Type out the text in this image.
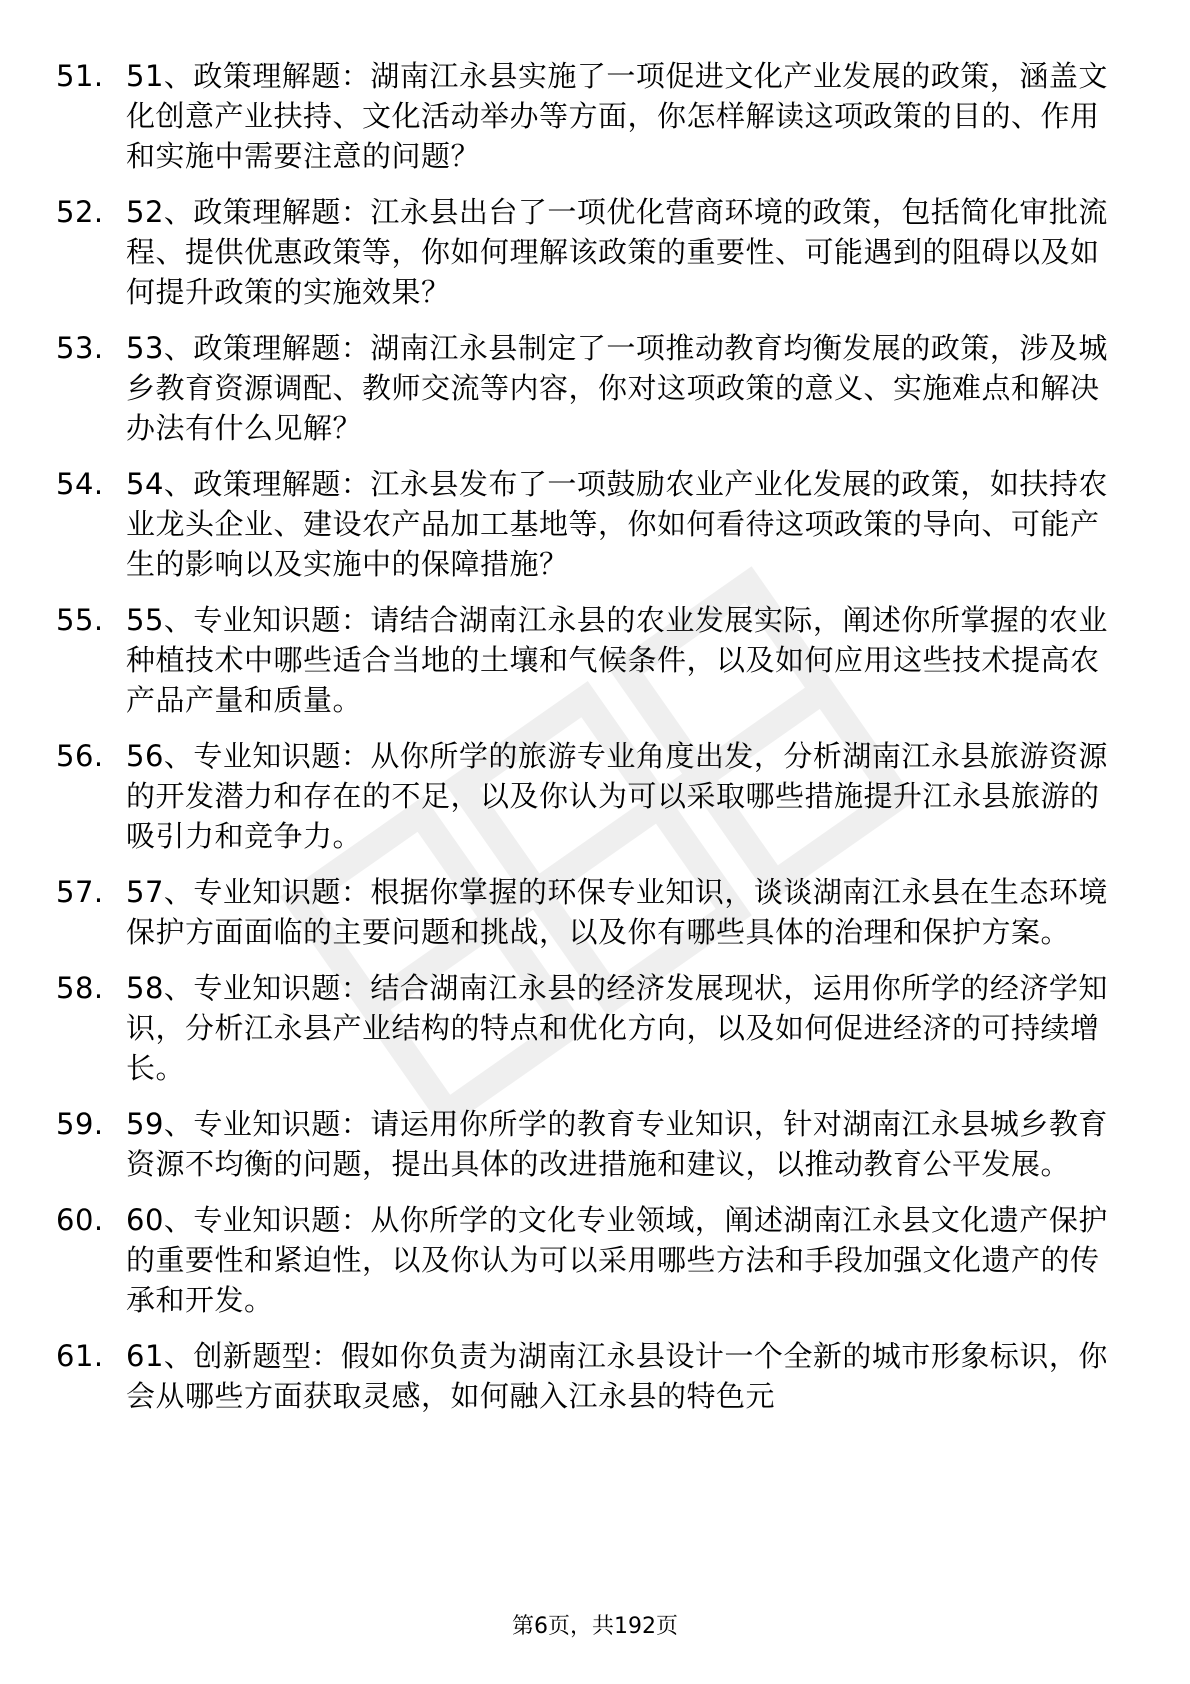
51. 51、政策理解题：湖南江永县实施了一项促进文化产业发展的政策，涵盖文化创意产业扶持、文化活动举办等方面，你怎样解读这项政策的目的、作用和实施中需要注意的问题？
52. 52、政策理解题：江永县出台了一项优化营商环境的政策，包括简化审批流程、提供优惠政策等，你如何理解该政策的重要性、可能遇到的阻碍以及如何提升政策的实施效果？
53. 53、政策理解题：湖南江永县制定了一项推动教育均衡发展的政策，涉及城乡教育资源调配、教师交流等内容，你对这项政策的意义、实施难点和解决办法有什么见解？
54. 54、政策理解题：江永县发布了一项鼓励农业产业化发展的政策，如扶持农业龙头企业、建设农产品加工基地等，你如何看待这项政策的导向、可能产生的影响以及实施中的保障措施？
55. 55、专业知识题：请结合湖南江永县的农业发展实际，阐述你所掌握的农业种植技术中哪些适合当地的土壤和气候条件，以及如何应用这些技术提高农产品产量和质量。
56. 56、专业知识题：从你所学的旅游专业角度出发，分析湖南江永县旅游资源的开发潜力和存在的不足，以及你认为可以采取哪些措施提升江永县旅游的吸引力和竞争力。
57. 57、专业知识题：根据你掌握的环保专业知识，谈谈湖南江永县在生态环境保护方面面临的主要问题和挑战，以及你有哪些具体的治理和保护方案。
58. 58、专业知识题：结合湖南江永县的经济发展现状，运用你所学的经济学知识，分析江永县产业结构的特点和优化方向，以及如何促进经济的可持续增长。
59. 59、专业知识题：请运用你所学的教育专业知识，针对湖南江永县城乡教育资源不均衡的问题，提出具体的改进措施和建议，以推动教育公平发展。
60. 60、专业知识题：从你所学的文化专业领域，阐述湖南江永县文化遗产保护的重要性和紧迫性，以及你认为可以采用哪些方法和手段加强文化遗产的传承和开发。
61. 61、创新题型：假如你负责为湖南江永县设计一个全新的城市形象标识，你会从哪些方面获取灵感，如何融入江永县的特色元
第6页，共192页
